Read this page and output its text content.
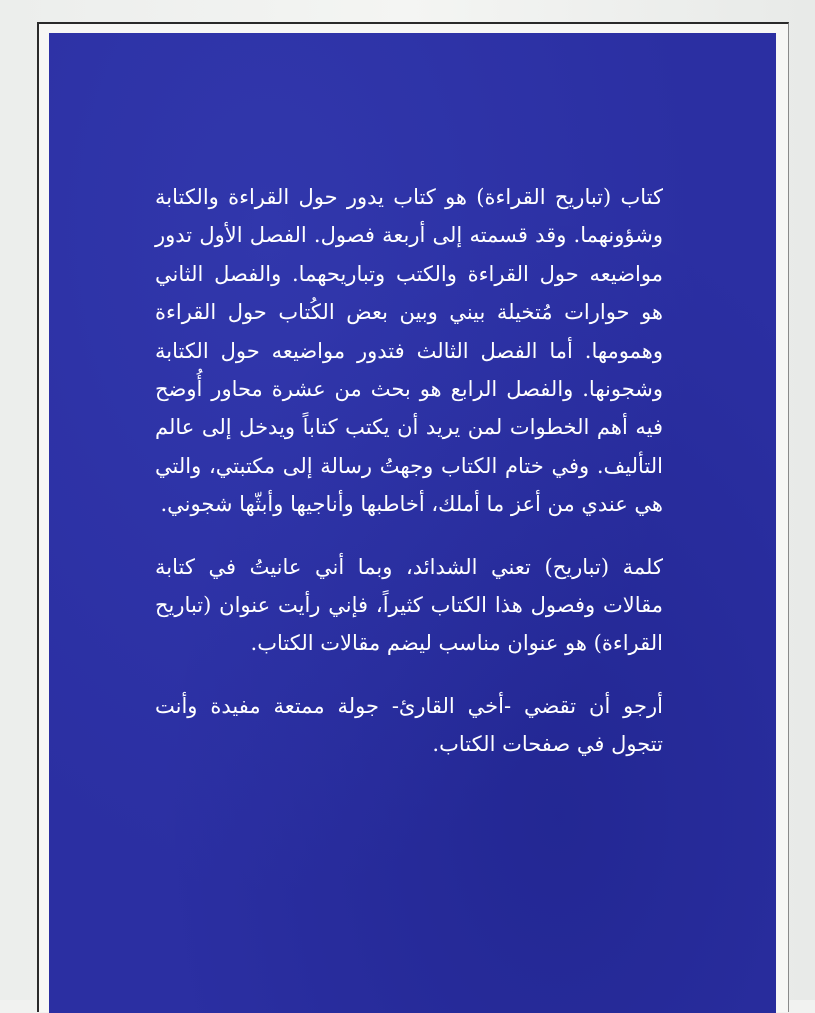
كتاب (تباريح القراءة) هو كتاب يدور حول القراءة والكتابة وشؤونهما. وقد قسمته إلى أربعة فصول. الفصل الأول تدور مواضيعه حول القراءة والكتب وتباريحهما. والفصل الثاني هو حوارات مُتخيلة بيني وبين بعض الكُتاب حول القراءة وهمومها. أما الفصل الثالث فتدور مواضيعه حول الكتابة وشجونها. والفصل الرابع هو بحث من عشرة محاور أُوضح فيه أهم الخطوات لمن يريد أن يكتب كتاباً ويدخل إلى عالم التأليف. وفي ختام الكتاب وجهتُ رسالة إلى مكتبتي، والتي هي عندي من أعز ما أملك، أخاطبها وأناجيها وأبثّها شجوني.

كلمة (تباريح) تعني الشدائد، وبما أني عانيتُ في كتابة مقالات وفصول هذا الكتاب كثيراً، فإني رأيت عنوان (تباريح القراءة) هو عنوان مناسب ليضم مقالات الكتاب.

أرجو أن تقضي -أخي القارئ- جولة ممتعة مفيدة وأنت تتجول في صفحات الكتاب.
